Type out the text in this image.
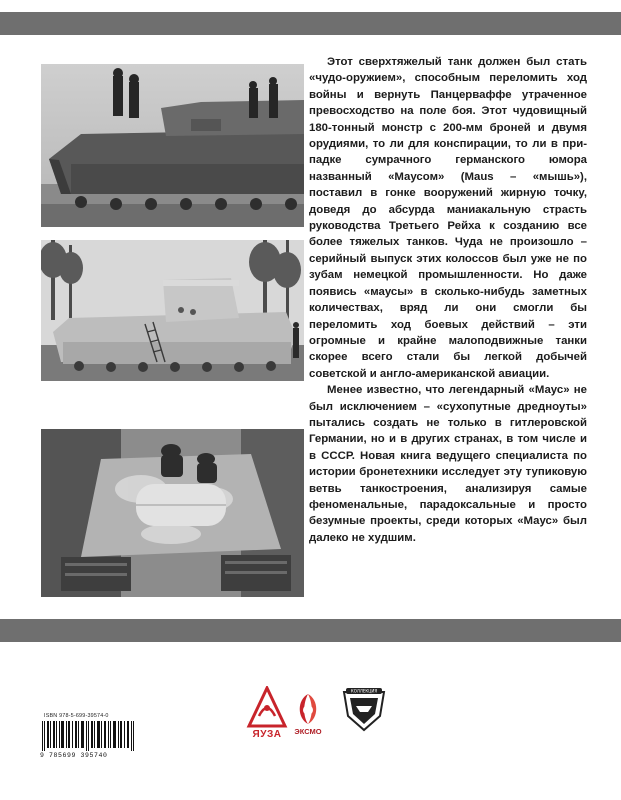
Этот сверхтяжелый танк должен был стать «чудо-оружием», способным переломить ход войны и вернуть Панцерваффе утраченное превосходство на поле боя. Этот чудовищный 180-тонный монстр с 200-мм броней и двумя орудиями, то ли для конспирации, то ли в припадке сумрачного германского юмора названный «Маусом» (Maus – «мышь»), поставил в гонке вооружений жирную точку, доведя до абсурда маниакальную страсть руководства Третьего Рейха к созданию все более тяжелых танков. Чуда не произошло – серийный выпуск этих колоссов был уже не по зубам немецкой промышленности. Но даже появись «маусы» в сколько-нибудь заметных количествах, вряд ли они смогли бы переломить ход боевых действий – эти огромные и крайне малоподвижные танки скорее всего стали бы легкой добычей советской и англо-американской авиации.

Менее известно, что легендарный «Маус» не был исключением – «сухопутные дредноуты» пытались создать не только в гитлеровской Германии, но и в других странах, в том числе и в СССР. Новая книга ведущего специалиста по истории бронетехники исследует эту тупиковую ветвь танкостроения, анализируя самые феноменальные, парадоксальные и просто безумные проекты, среди которых «Маус» был далеко не худшим.

ISBN 978-5-699-39574-0
9 785699 395740
ЯУЗА	ЭКСМО
КОЛЛЕКЦИЯ
